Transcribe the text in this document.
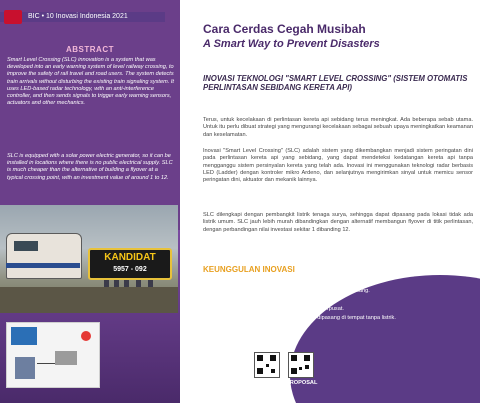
BIC • 10 Inovasi Indonesia 2021
ABSTRACT

Smart Level Crossing (SLC) innovation is a system that was developed into an early warning system of level railway crossing, to improve the safety of rail travel and road users. The system detects train arrivals without disturbing the existing train signaling system. It uses LED-based radar technology, with an anti-interference controller, and then sends signals to trigger early warning sensors, actuators and other mechanics.

SLC is equipped with a solar power electric generator, so it can be installed in locations where there is no public electrical supply. SLC is much cheaper than the alternative of building a flyover at a typical crossing point, with an investment value of around 1 to 12.

KANDIDAT
5957 - 092
Cara Cerdas Cegah Musibah
A Smart Way to Prevent Disasters
INOVASI TEKNOLOGI "SMART LEVEL CROSSING" (SISTEM OTOMATIS PERLINTASAN SEBIDANG KERETA API)

Terus, untuk kecelakaan di perlintasan kereta api sebidang terus meningkat. Ada beberapa sebab utama. Untuk itu perlu dibuat strategi yang mengurangi kecelakaan sebagai sebuah upaya meningkatkan keamanan dan keselamatan.

Inovasi "Smart Level Crossing" (SLC) adalah sistem yang dikembangkan menjadi sistem peringatan dini pada perlintasan kereta api yang sebidang, yang dapat mendeteksi kedatangan kereta api tanpa mengganggu sistem persinyalan kereta yang telah ada. Inovasi ini menggunakan teknologi radar berbasis LED (Ladder) dengan kontroler mikro Ardeno, dan selanjutnya mengirimkan sinyal untuk memicu sensor peringatan dini, aktuator dan mekanik lainnya.

SLC dilengkapi dengan pembangkit listrik tenaga surya, sehingga dapat dipasang pada lokasi tidak ada listrik umum. SLC jauh lebih murah dibandingkan dengan alternatif membangun flyover di titik perlintasan, dengan perbandingan nilai investasi sekitar 1 dibanding 12.

KEUNGGULAN INOVASI
• Dapat mendeteksi kedatangan kereta api secara mandiri.
• Bekerja tanpa operator dalam mengoperasikan sinyal dan palang.
• Dilengkapi dengan sistem redundansi dan failsafe.
• Dapat dikembangkan untuk monitoring secara terpusat.
• Menggunakan tenaga surya sehingga dapat dipasang di tempat tanpa listrik.
VIDEO	PROPOSAL
